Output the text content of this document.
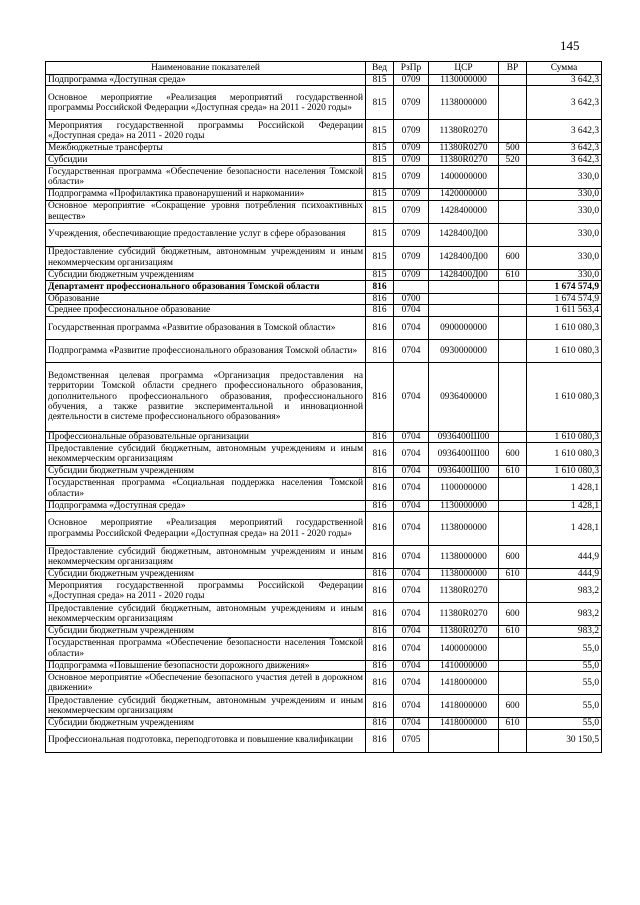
145
Наименование показателей	Вед	РзПр	ЦСР	ВР	Сумма
Подпрограмма «Доступная среда»	815	0709	1130000000		3 642,3
Основное мероприятие «Реализация мероприятий государственной программы Российской Федерации «Доступная среда» на 2011 - 2020 годы»	815	0709	1138000000		3 642,3
Мероприятия государственной программы Российской Федерации «Доступная среда» на 2011 - 2020 годы	815	0709	11380R0270		3 642,3
Межбюджетные трансферты	815	0709	11380R0270	500	3 642,3
Субсидии	815	0709	11380R0270	520	3 642,3
Государственная программа «Обеспечение безопасности населения Томской области»	815	0709	1400000000		330,0
Подпрограмма «Профилактика правонарушений и наркомании»	815	0709	1420000000		330,0
Основное мероприятие «Сокращение уровня потребления психоактивных веществ»	815	0709	1428400000		330,0
Учреждения, обеспечивающие предоставление услуг в сфере образования	815	0709	1428400Д00		330,0
Предоставление субсидий бюджетным, автономным учреждениям и иным некоммерческим организациям	815	0709	1428400Д00	600	330,0
Субсидии бюджетным учреждениям	815	0709	1428400Д00	610	330,0
Департамент профессионального образования Томской области	816				1 674 574,9
Образование	816	0700			1 674 574,9
Среднее профессиональное образование	816	0704			1 611 563,4
Государственная программа «Развитие образования в Томской области»	816	0704	0900000000		1 610 080,3
Подпрограмма «Развитие профессионального образования Томской области»	816	0704	0930000000		1 610 080,3
Ведомственная целевая программа «Организация предоставления на территории Томской области среднего профессионального образования, дополнительного профессионального образования, профессионального обучения, а также развитие экспериментальной и инновационной деятельности в системе профессионального образования»	816	0704	0936400000		1 610 080,3
Профессиональные образовательные организации	816	0704	0936400Ш00		1 610 080,3
Предоставление субсидий бюджетным, автономным учреждениям и иным некоммерческим организациям	816	0704	0936400Ш00	600	1 610 080,3
Субсидии бюджетным учреждениям	816	0704	0936400Ш00	610	1 610 080,3
Государственная программа «Социальная поддержка населения Томской области»	816	0704	1100000000		1 428,1
Подпрограмма «Доступная среда»	816	0704	1130000000		1 428,1
Основное мероприятие «Реализация мероприятий государственной программы Российской Федерации «Доступная среда» на 2011 - 2020 годы»	816	0704	1138000000		1 428,1
Предоставление субсидий бюджетным, автономным учреждениям и иным некоммерческим организациям	816	0704	1138000000	600	444,9
Субсидии бюджетным учреждениям	816	0704	1138000000	610	444,9
Мероприятия государственной программы Российской Федерации «Доступная среда» на 2011 - 2020 годы	816	0704	11380R0270		983,2
Предоставление субсидий бюджетным, автономным учреждениям и иным некоммерческим организациям	816	0704	11380R0270	600	983,2
Субсидии бюджетным учреждениям	816	0704	11380R0270	610	983,2
Государственная программа «Обеспечение безопасности населения Томской области»	816	0704	1400000000		55,0
Подпрограмма «Повышение безопасности дорожного движения»	816	0704	1410000000		55,0
Основное мероприятие «Обеспечение безопасного участия детей в дорожном движении»	816	0704	1418000000		55,0
Предоставление субсидий бюджетным, автономным учреждениям и иным некоммерческим организациям	816	0704	1418000000	600	55,0
Субсидии бюджетным учреждениям	816	0704	1418000000	610	55,0
Профессиональная подготовка, переподготовка и повышение квалификации	816	0705			30 150,5
